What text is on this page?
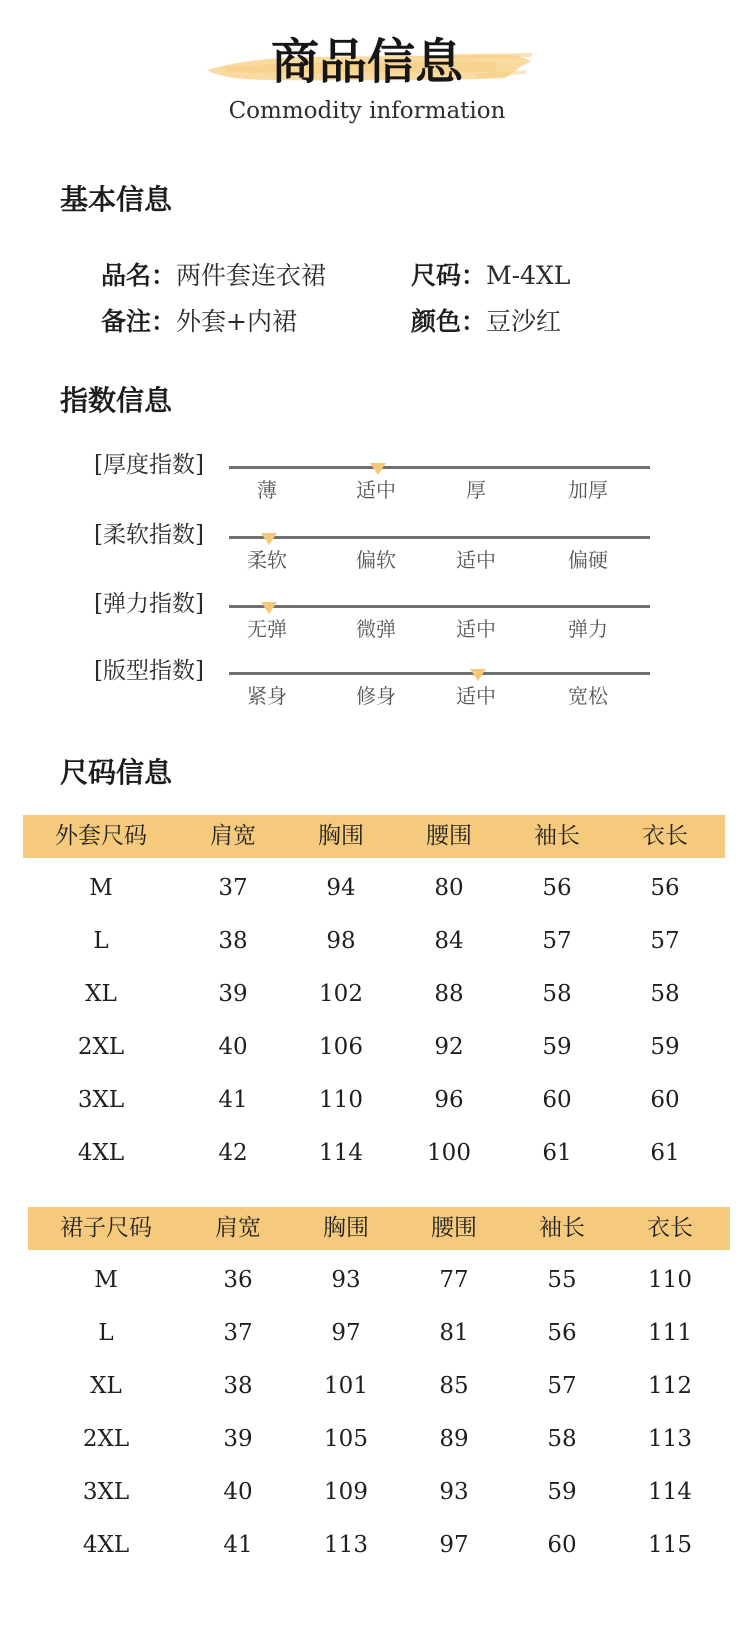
商品信息
Commodity information
基本信息
品名：两件套连衣裙	尺码：M-4XL
备注：外套+内裙	颜色：豆沙红
指数信息
[厚度指数]
薄	适中	厚	加厚
[柔软指数]
柔软	偏软	适中	偏硬
[弹力指数]
无弹	微弹	适中	弹力
[版型指数]
紧身	修身	适中	宽松
尺码信息
外套尺码	肩宽	胸围	腰围	袖长	衣长
M	37	94	80	56	56
L	38	98	84	57	57
XL	39	102	88	58	58
2XL	40	106	92	59	59
3XL	41	110	96	60	60
4XL	42	114	100	61	61
裙子尺码	肩宽	胸围	腰围	袖长	衣长
M	36	93	77	55	110
L	37	97	81	56	111
XL	38	101	85	57	112
2XL	39	105	89	58	113
3XL	40	109	93	59	114
4XL	41	113	97	60	115
